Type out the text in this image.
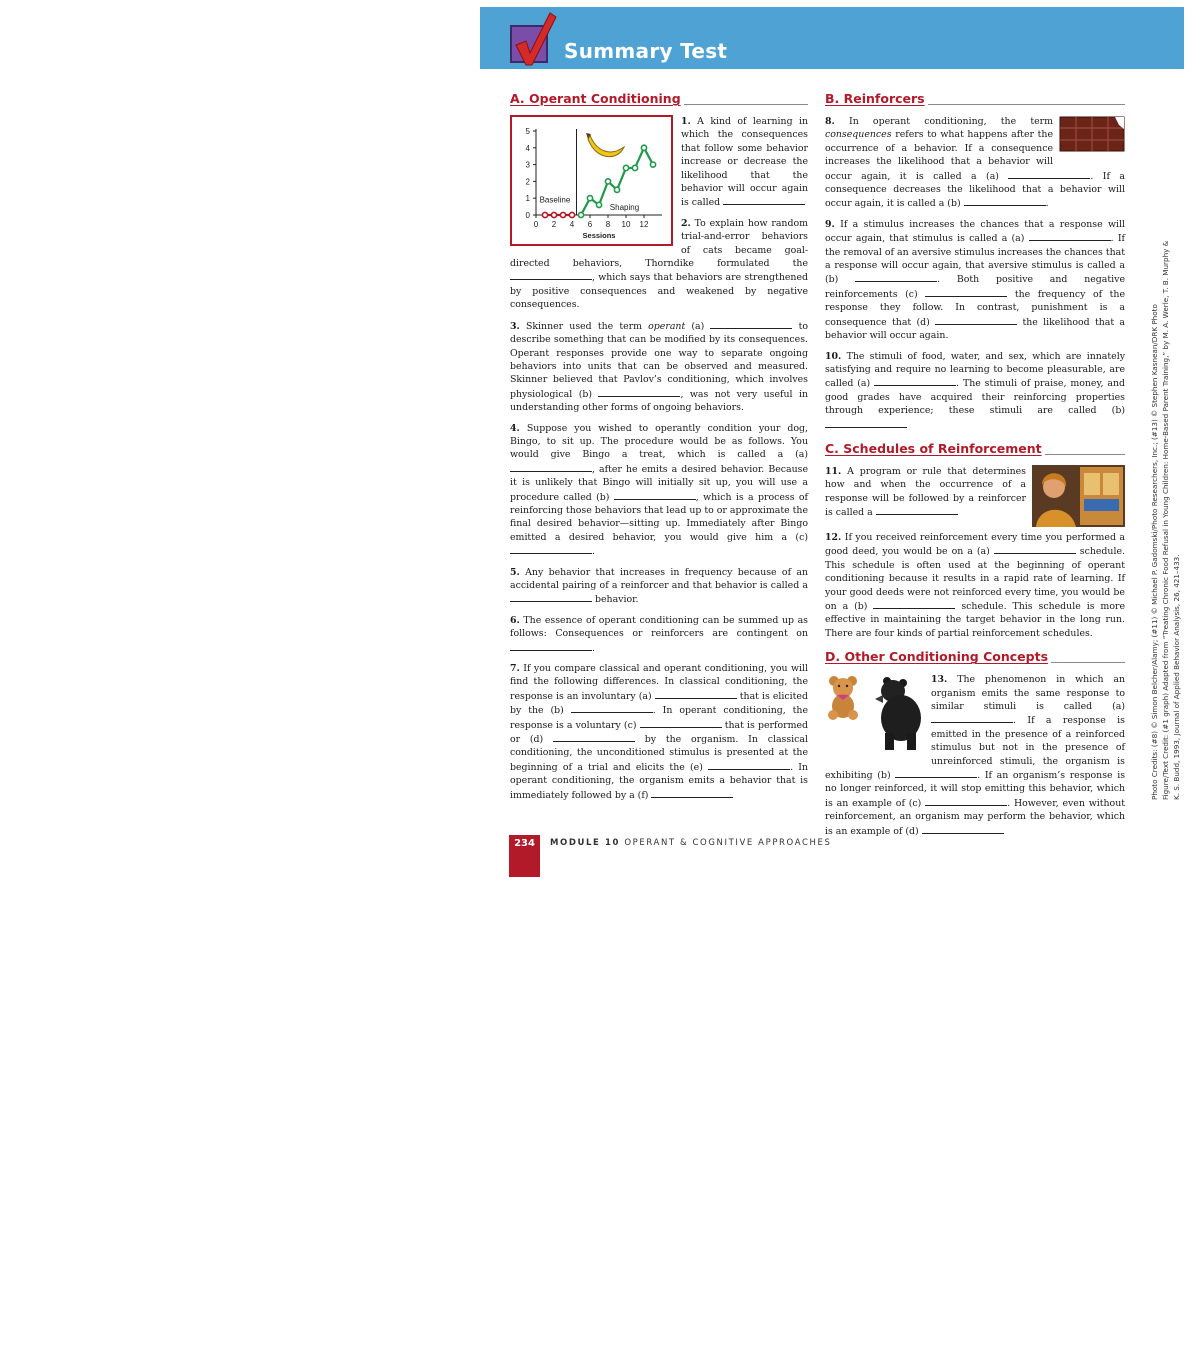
Summary Test
A. Operant Conditioning
0
1
2
3
4
5
0 2 4 6 8 10 12
Sessions
Baseline
Shaping

1. A kind of learning in which the consequences that follow some behavior increase or decrease the likelihood that the behavior will occur again is called

2. To explain how random trial-and-error behaviors of cats became goal-directed behaviors, Thorndike formulated the , which says that behaviors are strengthened by positive consequences and weakened by negative consequences.

3. Skinner used the term operant (a)	to describe something that can be modified by its consequences. Operant responses provide one way to separate ongoing behaviors into units that can be observed and measured. Skinner believed that Pavlov’s conditioning, which involves physiological (b)	, was not very useful in understanding other forms of ongoing behaviors.

4. Suppose you wished to operantly condition your dog, Bingo, to sit up. The procedure would be as follows. You would give Bingo a treat, which is called a (a) , after he emits a desired behavior. Because it is unlikely that Bingo will initially sit up, you will use a procedure called (b)	, which is a process of reinforcing those behaviors that lead up to or approximate the final desired behavior—sitting up. Immediately after Bingo emitted a desired behavior, you would give him a (c) .

5. Any behavior that increases in frequency because of an accidental pairing of a reinforcer and that behavior is called a  behavior.

6. The essence of operant conditioning can be summed up as follows: Consequences or reinforcers are contingent on .

7. If you compare classical and operant conditioning, you will find the following differences. In classical conditioning, the response is an involuntary (a)	that is elicited by the (b)	. In operant conditioning, the response is a voluntary (c)	that is performed or (d)	by the organism. In classical conditioning, the unconditioned stimulus is presented at the beginning of a trial and elicits the (e)	. In operant conditioning, the organism emits a behavior that is immediately followed by a (f)

B. Reinforcers

8. In operant conditioning, the term consequences refers to what happens after the occurrence of a behavior. If a consequence increases the likelihood that a behavior will occur again, it is called a (a)	. If a consequence decreases the likelihood that a behavior will occur again, it is called a (b)	.

9. If a stimulus increases the chances that a response will occur again, that stimulus is called a (a)	. If the removal of an aversive stimulus increases the chances that a response will occur again, that aversive stimulus is called a (b)	. Both positive and negative reinforcements (c)	the frequency of the response they follow. In contrast, punishment is a consequence that (d)	the likelihood that a behavior will occur again.

10. The stimuli of food, water, and sex, which are innately satisfying and require no learning to become pleasurable, are called (a)	. The stimuli of praise, money, and good grades have acquired their reinforcing properties through experience; these stimuli are called (b)

C. Schedules of Reinforcement

11. A program or rule that determines how and when the occurrence of a response will be followed by a reinforcer is called a

12. If you received reinforcement every time you performed a good deed, you would be on a (a)	schedule. This schedule is often used at the beginning of operant conditioning because it results in a rapid rate of learning. If your good deeds were not reinforced every time, you would be on a (b)	schedule. This schedule is more effective in maintaining the target behavior in the long run. There are four kinds of partial reinforcement schedules.

D. Other Conditioning Concepts

13. The phenomenon in which an organism emits the same response to similar stimuli is called (a) . If a response is emitted in the presence of a reinforced stimulus but not in the presence of unreinforced stimuli, the organism is exhibiting (b)	. If an organism’s response is no longer reinforced, it will stop emitting this behavior, which is an example of (c)	. However, even without reinforcement, an organism may perform the behavior, which is an example of (d)

234	MODULE 10 OPERANT & COGNITIVE APPROACHES
Photo Credits: (#8) © Simon Belcher/Alamy; (#11) © Michael P. Gadomski/Photo Researchers, Inc.; (#13) © Stephen Kasnean/DRK Photo Figure/Text Credit: (#1 graph) Adapted from “Treating Chronic Food Refusal in Young Children: Home-Based Parent Training,” by M. A. Werle, T. B. Murphy & K. S. Budd, 1993, Journal of Applied Behavior Analysis, 26, 421–433.
